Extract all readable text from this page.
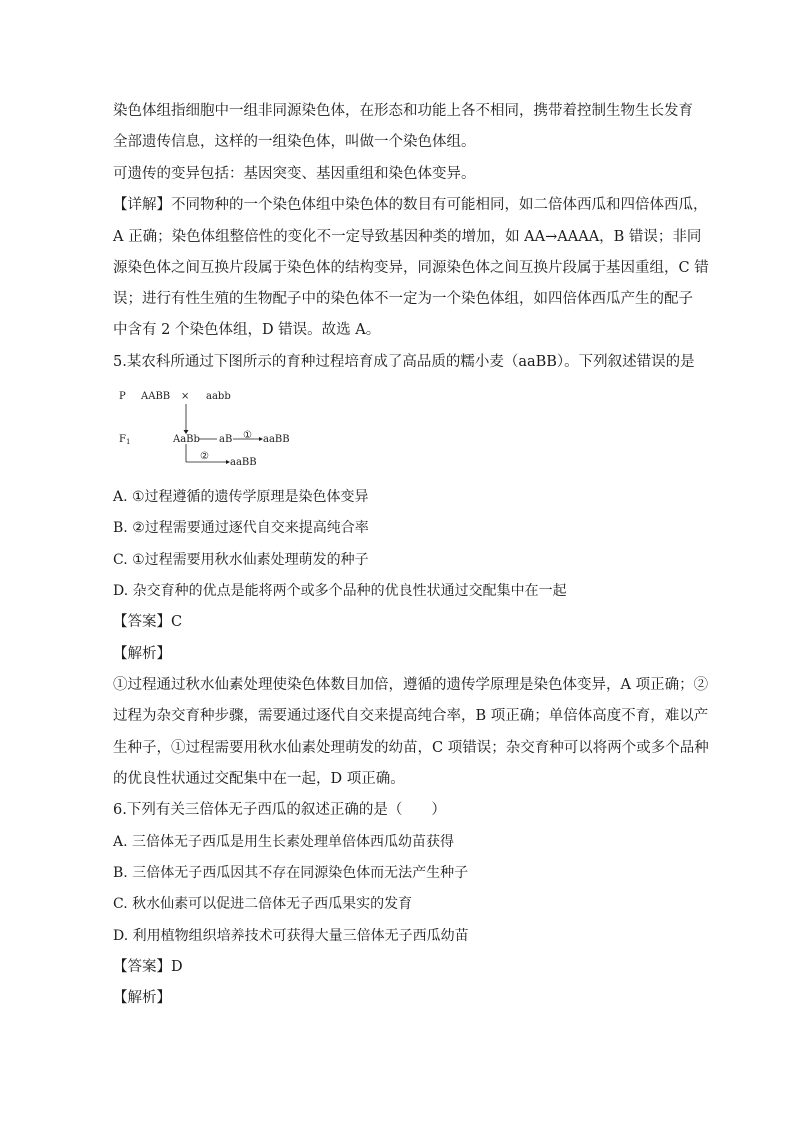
染色体组指细胞中一组非同源染色体，在形态和功能上各不相同，携带着控制生物生长发育
全部遗传信息，这样的一组染色体，叫做一个染色体组。
可遗传的变异包括：基因突变、基因重组和染色体变异。
【详解】不同物种的一个染色体组中染色体的数目有可能相同，如二倍体西瓜和四倍体西瓜，
A 正确；染色体组整倍性的变化不一定导致基因种类的增加，如 AA→AAAA，B 错误；非同
源染色体之间互换片段属于染色体的结构变异，同源染色体之间互换片段属于基因重组，C 错
误；进行有性生殖的生物配子中的染色体不一定为一个染色体组，如四倍体西瓜产生的配子
中含有 2 个染色体组，D 错误。故选 A。
5.某农科所通过下图所示的育种过程培育成了高品质的糯小麦（aaBB）。下列叙述错误的是
P AABB × aabb
$F_1$	AaBb aB ① aaBB
②
aaBB
A. ①过程遵循的遗传学原理是染色体变异
B. ②过程需要通过逐代自交来提高纯合率
C. ①过程需要用秋水仙素处理萌发的种子
D. 杂交育种的优点是能将两个或多个品种的优良性状通过交配集中在一起
【答案】C
【解析】
①过程通过秋水仙素处理使染色体数目加倍，遵循的遗传学原理是染色体变异，A 项正确；②
过程为杂交育种步骤，需要通过逐代自交来提高纯合率，B 项正确；单倍体高度不育，难以产
生种子，①过程需要用秋水仙素处理萌发的幼苗，C 项错误；杂交育种可以将两个或多个品种
的优良性状通过交配集中在一起，D 项正确。
6.下列有关三倍体无子西瓜的叙述正确的是（　　）
A. 三倍体无子西瓜是用生长素处理单倍体西瓜幼苗获得
B. 三倍体无子西瓜因其不存在同源染色体而无法产生种子
C. 秋水仙素可以促进二倍体无子西瓜果实的发育
D. 利用植物组织培养技术可获得大量三倍体无子西瓜幼苗
【答案】D
【解析】
